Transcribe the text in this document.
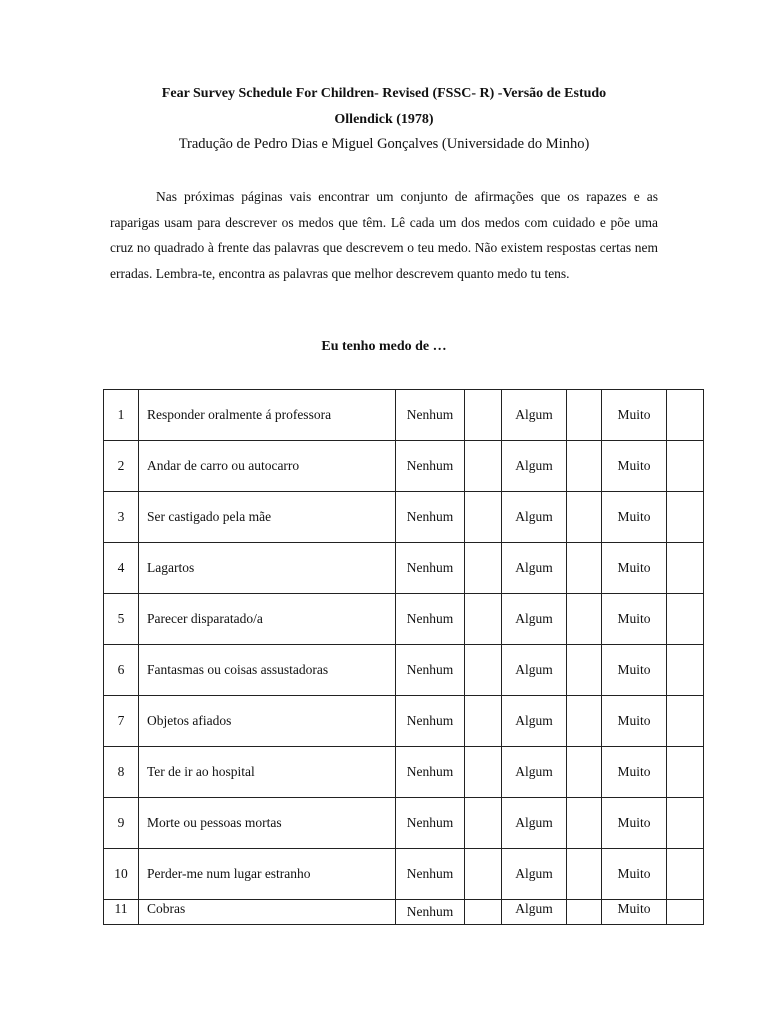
Fear Survey Schedule For Children- Revised (FSSC- R) -Versão de Estudo
Ollendick (1978)
Tradução de Pedro Dias e Miguel Gonçalves (Universidade do Minho)

Nas próximas páginas vais encontrar um conjunto de afirmações que os rapazes e as raparigas usam para descrever os medos que têm. Lê cada um dos medos com cuidado e põe uma cruz no quadrado à frente das palavras que descrevem o teu medo. Não existem respostas certas nem erradas. Lembra-te, encontra as palavras que melhor descrevem quanto medo tu tens.

Eu tenho medo de …
1	Responder oralmente á professora	Nenhum		Algum		Muito	
2	Andar de carro ou autocarro	Nenhum		Algum		Muito	
3	Ser castigado pela mãe	Nenhum		Algum		Muito	
4	Lagartos	Nenhum		Algum		Muito	
5	Parecer disparatado/a	Nenhum		Algum		Muito	
6	Fantasmas ou coisas assustadoras	Nenhum		Algum		Muito	
7	Objetos afiados	Nenhum		Algum		Muito	
8	Ter de ir ao hospital	Nenhum		Algum		Muito	
9	Morte ou pessoas mortas	Nenhum		Algum		Muito	
10	Perder-me num lugar estranho	Nenhum		Algum		Muito	
11	Cobras	Nenhum		Algum		Muito	
